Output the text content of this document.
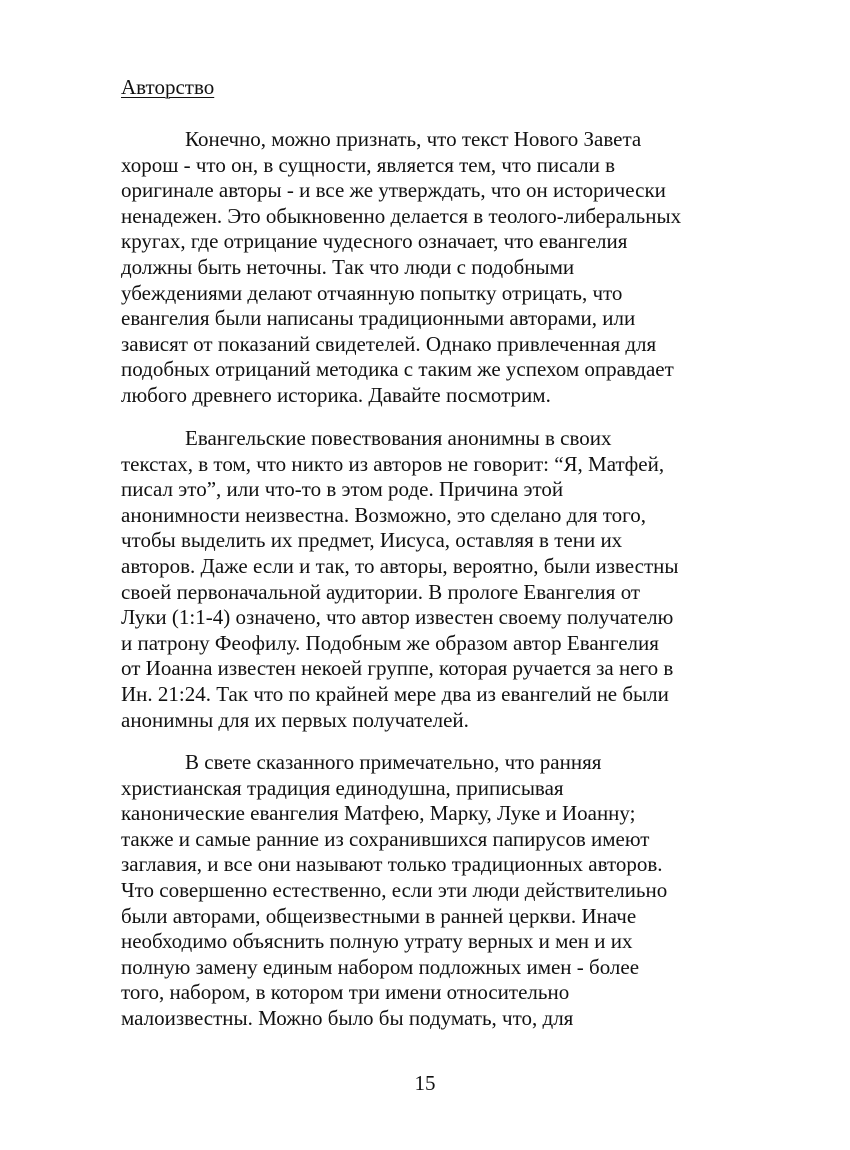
Авторство

Конечно, можно признать, что текст Нового Завета
хорош - что он, в сущности, является тем, что писали в
оригинале авторы - и все же утверждать, что он исторически
ненадежен. Это обыкновенно делается в теолого-либеральных
кругах, где отрицание чудесного означает, что евангелия
должны быть неточны. Так что люди с подобными
убеждениями делают отчаянную попытку отрицать, что
евангелия были написаны традиционными авторами, или
зависят от показаний свидетелей. Однако привлеченная для
подобных отрицаний методика с таким же успехом оправдает
любого древнего историка. Давайте посмотрим.

Евангельские повествования анонимны в своих
текстах, в том, что никто из авторов не говорит: “Я, Матфей,
писал это”, или что-то в этом роде. Причина этой
анонимности неизвестна. Возможно, это сделано для того,
чтобы выделить их предмет, Иисуса, оставляя в тени их
авторов. Даже если и так, то авторы, вероятно, были известны
своей первоначальной аудитории. В прологе Евангелия от
Луки (1:1-4) означено, что автор известен своему получателю
и патрону Феофилу. Подобным же образом автор Евангелия
от Иоанна известен некоей группе, которая ручается за него в
Ин. 21:24. Так что по крайней мере два из евангелий не были
анонимны для их первых получателей.

В свете сказанного примечательно, что ранняя
христианская традиция единодушна, приписывая
канонические евангелия Матфею, Марку, Луке и Иоанну;
также и самые ранние из сохранившихся папирусов имеют
заглавия, и все они называют только традиционных авторов.
Что совершенно естественно, если эти люди действителиьно
были авторами, общеизвестными в ранней церкви. Иначе
необходимо объяснить полную утрату верных и мен и их
полную замену единым набором подложных имен - более
того, набором, в котором три имени относительно
малоизвестны. Можно было бы подумать, что, для

15
